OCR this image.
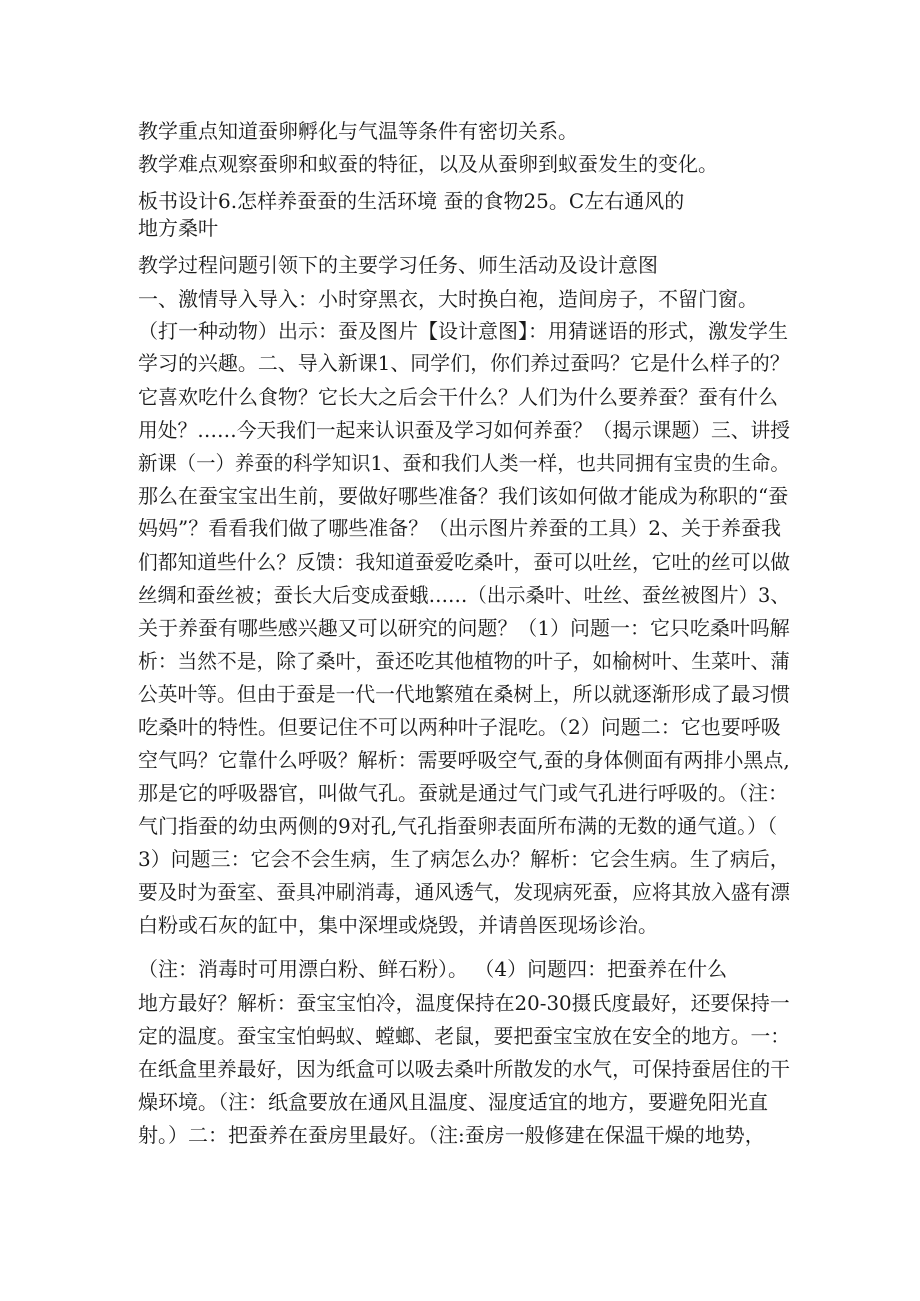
教学重点知道蚕卵孵化与气温等条件有密切关系。
教学难点观察蚕卵和蚁蚕的特征，以及从蚕卵到蚁蚕发生的变化。
板书设计6.怎样养蚕蚕的生活环境 蚕的食物25。C左右通风的
地方桑叶
教学过程问题引领下的主要学习任务、师生活动及设计意图
一、激情导入导入：小时穿黑衣，大时换白袍，造间房子，不留门窗。
（打一种动物）出示：蚕及图片【设计意图】：用猜谜语的形式，激发学生
学习的兴趣。二、导入新课1、同学们，你们养过蚕吗？它是什么样子的？
它喜欢吃什么食物？它长大之后会干什么？人们为什么要养蚕？蚕有什么
用处？……今天我们一起来认识蚕及学习如何养蚕？（揭示课题）三、讲授
新课（一）养蚕的科学知识1、蚕和我们人类一样，也共同拥有宝贵的生命。
那么在蚕宝宝出生前，要做好哪些准备？我们该如何做才能成为称职的“蚕
妈妈”？看看我们做了哪些准备？（出示图片养蚕的工具）2、关于养蚕我
们都知道些什么？反馈：我知道蚕爱吃桑叶，蚕可以吐丝，它吐的丝可以做
丝绸和蚕丝被；蚕长大后变成蚕蛾……（出示桑叶、吐丝、蚕丝被图片）3、
关于养蚕有哪些感兴趣又可以研究的问题？（1）问题一：它只吃桑叶吗解
析：当然不是，除了桑叶，蚕还吃其他植物的叶子，如榆树叶、生菜叶、蒲
公英叶等。但由于蚕是一代一代地繁殖在桑树上，所以就逐渐形成了最习惯
吃桑叶的特性。但要记住不可以两种叶子混吃。（2）问题二：它也要呼吸
空气吗？它靠什么呼吸？解析：需要呼吸空气,蚕的身体侧面有两排小黑点,
那是它的呼吸器官，叫做气孔。蚕就是通过气门或气孔进行呼吸的。（注：
气门指蚕的幼虫两侧的9对孔,气孔指蚕卵表面所布满的无数的通气道。）（
3）问题三：它会不会生病，生了病怎么办？解析：它会生病。生了病后，
要及时为蚕室、蚕具冲刷消毒，通风透气，发现病死蚕，应将其放入盛有漂
白粉或石灰的缸中，集中深埋或烧毁，并请兽医现场诊治。
（注：消毒时可用漂白粉、鲜石粉）。 （4）问题四：把蚕养在什么
地方最好？解析：蚕宝宝怕冷，温度保持在20-30摄氏度最好，还要保持一
定的温度。蚕宝宝怕蚂蚁、螳螂、老鼠，要把蚕宝宝放在安全的地方。一：
在纸盒里养最好，因为纸盒可以吸去桑叶所散发的水气，可保持蚕居住的干
燥环境。（注：纸盒要放在通风且温度、湿度适宜的地方，要避免阳光直
射。）二：把蚕养在蚕房里最好。（注:蚕房一般修建在保温干燥的地势，
